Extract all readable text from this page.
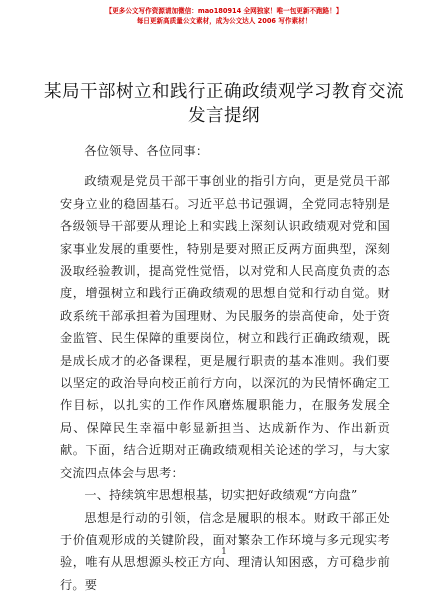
【更多公文写作资源请加微信：mao180914 全网独家！唯一包更新不跑路！】
每日更新高质量公文素材，成为公文达人 2006 写作素材！
某局干部树立和践行正确政绩观学习教育交流
发言提纲

各位领导、各位同事：

政绩观是党员干部干事创业的指引方向，更是党员干部安身立业的稳固基石。习近平总书记强调，全党同志特别是各级领导干部要从理论上和实践上深刻认识政绩观对党和国家事业发展的重要性，特别是要对照正反两方面典型，深刻汲取经验教训，提高党性觉悟，以对党和人民高度负责的态度，增强树立和践行正确政绩观的思想自觉和行动自觉。财政系统干部承担着为国理财、为民服务的崇高使命，处于资金监管、民生保障的重要岗位，树立和践行正确政绩观，既是成长成才的必备课程，更是履行职责的基本准则。我们要以坚定的政治导向校正前行方向，以深沉的为民情怀确定工作目标，以扎实的工作作风磨炼履职能力，在服务发展全局、保障民生幸福中彰显新担当、达成新作为、作出新贡献。下面，结合近期对正确政绩观相关论述的学习，与大家交流四点体会与思考：

一、持续筑牢思想根基，切实把好政绩观“方向盘”

思想是行动的引领，信念是履职的根本。财政干部正处于价值观形成的关键阶段，面对繁杂工作环境与多元现实考验，唯有从思想源头校正方向、理清认知困惑，方可稳步前行。要

1
